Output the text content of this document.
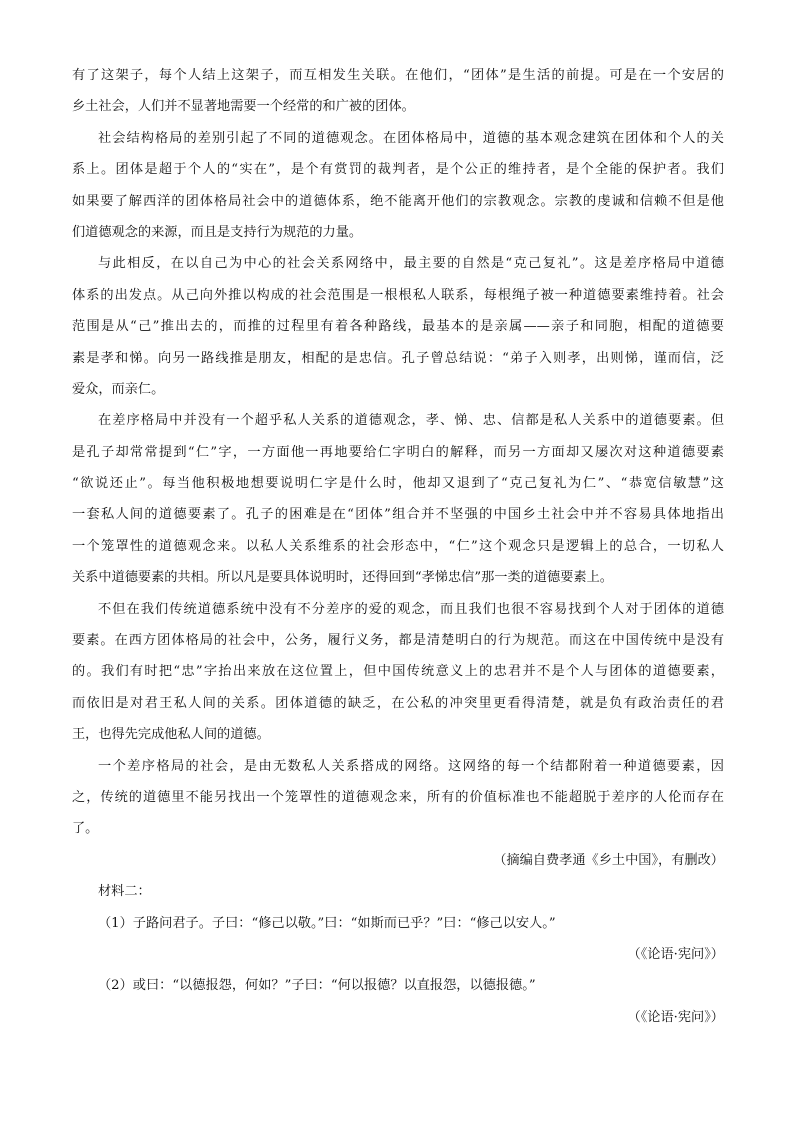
有了这架子，每个人结上这架子，而互相发生关联。在他们，“团体”是生活的前提。可是在一个安居的
乡土社会，人们并不显著地需要一个经常的和广被的团体。
社会结构格局的差别引起了不同的道德观念。在团体格局中，道德的基本观念建筑在团体和个人的关
系上。团体是超于个人的“实在”，是个有赏罚的裁判者，是个公正的维持者，是个全能的保护者。我们
如果要了解西洋的团体格局社会中的道德体系，绝不能离开他们的宗教观念。宗教的虔诚和信赖不但是他
们道德观念的来源，而且是支持行为规范的力量。
与此相反，在以自己为中心的社会关系网络中，最主要的自然是“克己复礼”。这是差序格局中道德
体系的出发点。从己向外推以构成的社会范围是一根根私人联系，每根绳子被一种道德要素维持着。社会
范围是从“己”推出去的，而推的过程里有着各种路线，最基本的是亲属——亲子和同胞，相配的道德要
素是孝和悌。向另一路线推是朋友，相配的是忠信。孔子曾总结说：“弟子入则孝，出则悌，谨而信，泛
爱众，而亲仁。
在差序格局中并没有一个超乎私人关系的道德观念，孝、悌、忠、信都是私人关系中的道德要素。但
是孔子却常常提到“仁”字，一方面他一再地要给仁字明白的解释，而另一方面却又屡次对这种道德要素
“欲说还止”。每当他积极地想要说明仁字是什么时，他却又退到了“克己复礼为仁”、“恭宽信敏慧”这
一套私人间的道德要素了。孔子的困难是在“团体”组合并不坚强的中国乡土社会中并不容易具体地指出
一个笼罩性的道德观念来。以私人关系维系的社会形态中，“仁”这个观念只是逻辑上的总合，一切私人
关系中道德要素的共相。所以凡是要具体说明时，还得回到“孝悌忠信”那一类的道德要素上。
不但在我们传统道德系统中没有不分差序的爱的观念，而且我们也很不容易找到个人对于团体的道德
要素。在西方团体格局的社会中，公务，履行义务，都是清楚明白的行为规范。而这在中国传统中是没有
的。我们有时把“忠”字抬出来放在这位置上，但中国传统意义上的忠君并不是个人与团体的道德要素，
而依旧是对君王私人间的关系。团体道德的缺乏，在公私的冲突里更看得清楚，就是负有政治责任的君
王，也得先完成他私人间的道德。
一个差序格局的社会，是由无数私人关系搭成的网络。这网络的每一个结都附着一种道德要素，因
之，传统的道德里不能另找出一个笼罩性的道德观念来，所有的价值标准也不能超脱于差序的人伦而存在
了。
（摘编自费孝通《乡土中国》，有删改）
材料二：
（1）子路问君子。子曰：“修己以敬。”曰：“如斯而已乎？”曰：“修己以安人。”
（《论语·宪问》）
（2）或曰：“以德报怨，何如？”子曰：“何以报德？以直报怨，以德报德。”
（《论语·宪问》）
